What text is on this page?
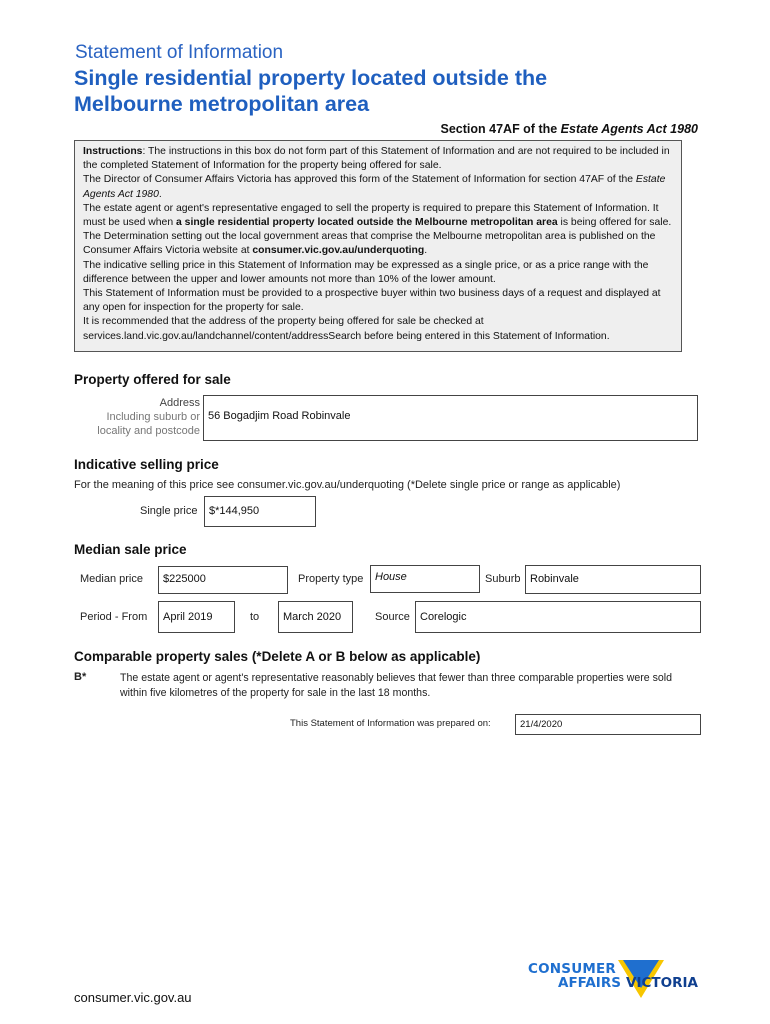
Statement of Information
Single residential property located outside the
Melbourne metropolitan area
Section 47AF of the Estate Agents Act 1980

Instructions: The instructions in this box do not form part of this Statement of Information and are not required to be included in the completed Statement of Information for the property being offered for sale.

The Director of Consumer Affairs Victoria has approved this form of the Statement of Information for section 47AF of the Estate Agents Act 1980.

The estate agent or agent's representative engaged to sell the property is required to prepare this Statement of Information. It must be used when a single residential property located outside the Melbourne metropolitan area is being offered for sale. The Determination setting out the local government areas that comprise the Melbourne metropolitan area is published on the Consumer Affairs Victoria website at consumer.vic.gov.au/underquoting.

The indicative selling price in this Statement of Information may be expressed as a single price, or as a price range with the difference between the upper and lower amounts not more than 10% of the lower amount.

This Statement of Information must be provided to a prospective buyer within two business days of a request and displayed at any open for inspection for the property for sale.

It is recommended that the address of the property being offered for sale be checked at services.land.vic.gov.au/landchannel/content/addressSearch before being entered in this Statement of Information.

Property offered for sale
Address
Including suburb or
locality and postcode
56 Bogadjim Road Robinvale
Indicative selling price
For the meaning of this price see consumer.vic.gov.au/underquoting (*Delete single price or range as applicable)
Single price $*144,950
Median sale price
Median price $225000	Property type House	Suburb Robinvale
Period - From April 2019	to March 2020	Source Corelogic
Comparable property sales (*Delete A or B below as applicable)
B*	The estate agent or agent's representative reasonably believes that fewer than three comparable properties were sold within five kilometres of the property for sale in the last 18 months.
This Statement of Information was prepared on:	21/4/2020
CONSUMER
AFFAIRS VICTORIA
consumer.vic.gov.au
